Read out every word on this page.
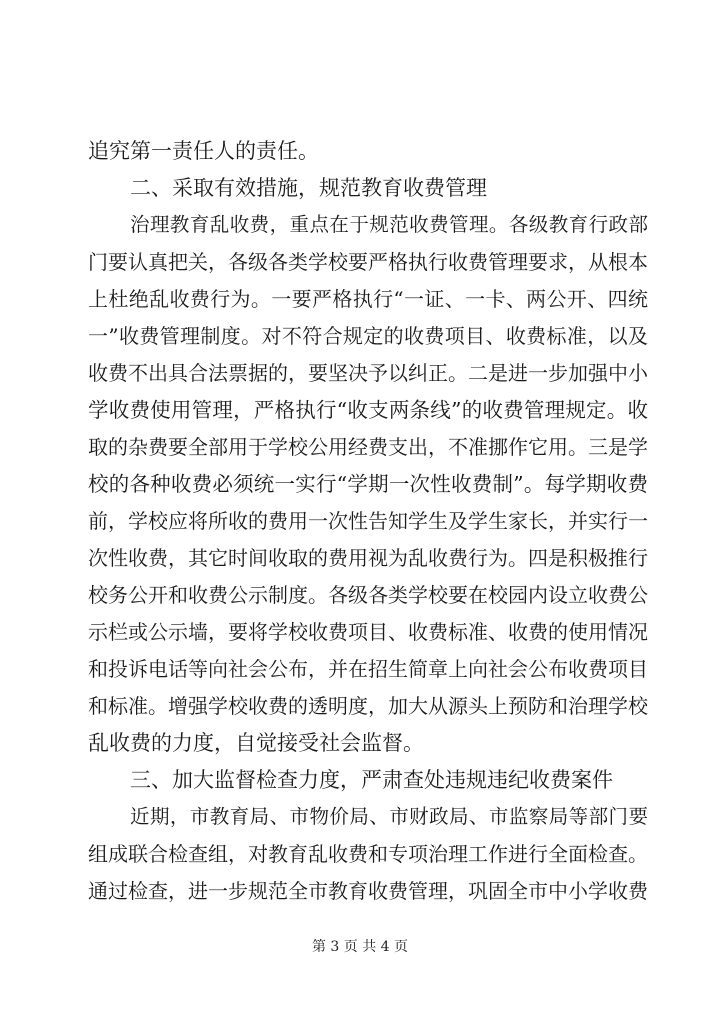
追究第一责任人的责任。
二、采取有效措施，规范教育收费管理
治理教育乱收费，重点在于规范收费管理。各级教育行政部
门要认真把关，各级各类学校要严格执行收费管理要求，从根本
上杜绝乱收费行为。一要严格执行“一证、一卡、两公开、四统
一”收费管理制度。对不符合规定的收费项目、收费标准，以及
收费不出具合法票据的，要坚决予以纠正。二是进一步加强中小
学收费使用管理，严格执行“收支两条线”的收费管理规定。收
取的杂费要全部用于学校公用经费支出，不准挪作它用。三是学
校的各种收费必须统一实行“学期一次性收费制”。每学期收费
前，学校应将所收的费用一次性告知学生及学生家长，并实行一
次性收费，其它时间收取的费用视为乱收费行为。四是积极推行
校务公开和收费公示制度。各级各类学校要在校园内设立收费公
示栏或公示墙，要将学校收费项目、收费标准、收费的使用情况
和投诉电话等向社会公布，并在招生简章上向社会公布收费项目
和标准。增强学校收费的透明度，加大从源头上预防和治理学校
乱收费的力度，自觉接受社会监督。
三、加大监督检查力度，严肃查处违规违纪收费案件
近期，市教育局、市物价局、市财政局、市监察局等部门要
组成联合检查组，对教育乱收费和专项治理工作进行全面检查。
通过检查，进一步规范全市教育收费管理，巩固全市中小学收费
第 3 页 共 4 页
